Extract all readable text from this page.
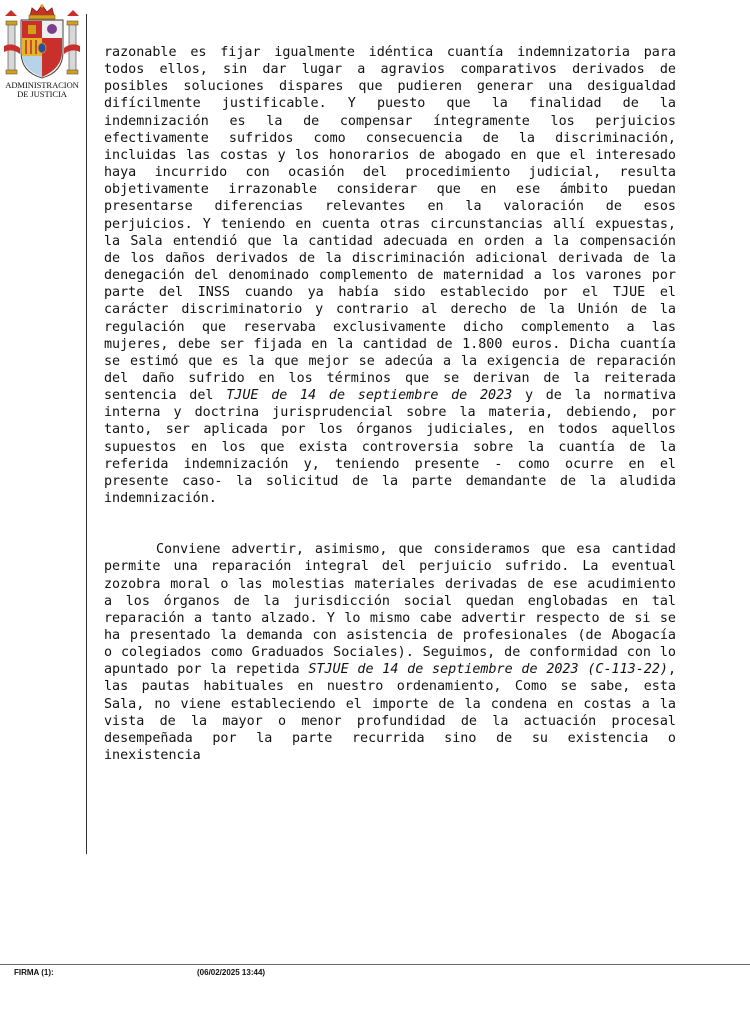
ADMINISTRACION
DE JUSTICIA

razonable es fijar igualmente idéntica cuantía indemnizatoria para todos ellos, sin dar lugar a agravios comparativos derivados de posibles soluciones dispares que pudieren generar una desigualdad difícilmente justificable. Y puesto que la finalidad de la indemnización es la de compensar íntegramente los perjuicios efectivamente sufridos como consecuencia de la discriminación, incluidas las costas y los honorarios de abogado en que el interesado haya incurrido con ocasión del procedimiento judicial, resulta objetivamente irrazonable considerar que en ese ámbito puedan presentarse diferencias relevantes en la valoración de esos perjuicios. Y teniendo en cuenta otras circunstancias allí expuestas, la Sala entendió que la cantidad adecuada en orden a la compensación de los daños derivados de la discriminación adicional derivada de la denegación del denominado complemento de maternidad a los varones por parte del INSS cuando ya había sido establecido por el TJUE el carácter discriminatorio y contrario al derecho de la Unión de la regulación que reservaba exclusivamente dicho complemento a las mujeres, debe ser fijada en la cantidad de 1.800 euros. Dicha cuantía se estimó que es la que mejor se adecúa a la exigencia de reparación del daño sufrido en los términos que se derivan de la reiterada sentencia del TJUE de 14 de septiembre de 2023 y de la normativa interna y doctrina jurisprudencial sobre la materia, debiendo, por tanto, ser aplicada por los órganos judiciales, en todos aquellos supuestos en los que exista controversia sobre la cuantía de la referida indemnización y, teniendo presente - como ocurre en el presente caso- la solicitud de la parte demandante de la aludida indemnización.

Conviene advertir, asimismo, que consideramos que esa cantidad permite una reparación integral del perjuicio sufrido. La eventual zozobra moral o las molestias materiales derivadas de ese acudimiento a los órganos de la jurisdicción social quedan englobadas en tal reparación a tanto alzado. Y lo mismo cabe advertir respecto de si se ha presentado la demanda con asistencia de profesionales (de Abogacía o colegiados como Graduados Sociales). Seguimos, de conformidad con lo apuntado por la repetida STJUE de 14 de septiembre de 2023 (C-113-22), las pautas habituales en nuestro ordenamiento, Como se sabe, esta Sala, no viene estableciendo el importe de la condena en costas a la vista de la mayor o menor profundidad de la actuación procesal desempeñada por la parte recurrida sino de su existencia o inexistencia

FIRMA (1):	(06/02/2025 13:44)
